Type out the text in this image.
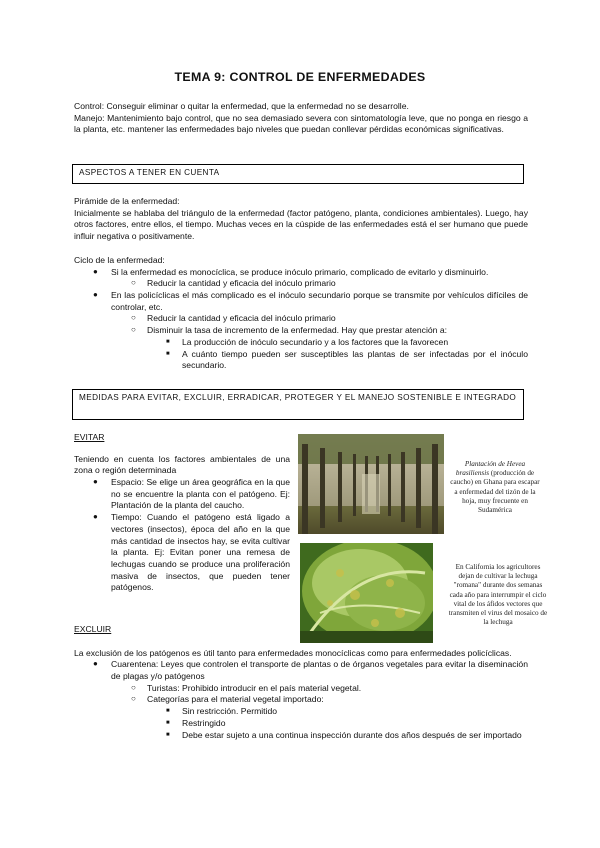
TEMA 9: CONTROL DE ENFERMEDADES

Control: Conseguir eliminar o quitar la enfermedad, que la enfermedad no se desarrolle.

Manejo: Mantenimiento bajo control, que no sea demasiado severa con sintomatología leve, que no ponga en riesgo a la planta, etc. mantener las enfermedades bajo niveles que puedan conllevar pérdidas económicas significativas.

ASPECTOS A TENER EN CUENTA

Pirámide de la enfermedad:

Inicialmente se hablaba del triángulo de la enfermedad (factor patógeno, planta, condiciones ambientales). Luego, hay otros factores, entre ellos, el tiempo. Muchas veces en la cúspide de las enfermedades está el ser humano que puede influir negativa o positivamente.

Ciclo de la enfermedad:

● Si la enfermedad es monocíclica, se produce inóculo primario, complicado de evitarlo y disminuirlo.
○ Reducir la cantidad y eficacia del inóculo primario
● En las policíclicas el más complicado es el inóculo secundario porque se transmite por vehículos difíciles de controlar, etc.
○ Reducir la cantidad y eficacia del inóculo primario
○ Disminuir la tasa de incremento de la enfermedad. Hay que prestar atención a:
■ La producción de inóculo secundario y a los factores que la favorecen
■ A cuánto tiempo pueden ser susceptibles las plantas de ser infectadas por el inóculo secundario.
MEDIDAS PARA EVITAR, EXCLUIR, ERRADICAR, PROTEGER Y EL MANEJO SOSTENIBLE E INTEGRADO

EVITAR

Teniendo en cuenta los factores ambientales de una zona o región determinada

● Espacio: Se elige un área geográfica en la que no se encuentre la planta con el patógeno. Ej: Plantación de la planta del caucho.
● Tiempo: Cuando el patógeno está ligado a vectores (insectos), época del año en la que más cantidad de insectos hay, se evita cultivar la planta. Ej: Evitan poner una remesa de lechugas cuando se produce una proliferación masiva de insectos, que pueden tener patógenos.
Plantación de Hevea brasiliensis (producción de caucho) en Ghana para escapar a enfermedad del tizón de la hoja, muy frecuente en Sudamérica
En California los agricultores dejan de cultivar la lechuga "romana" durante dos semanas cada año para interrumpir el ciclo vital de los áfidos vectores que transmiten el virus del mosaico de la lechuga

EXCLUIR

La exclusión de los patógenos es útil tanto para enfermedades monocíclicas como para enfermedades policíclicas.

● Cuarentena: Leyes que controlen el transporte de plantas o de órganos vegetales para evitar la diseminación de plagas y/o patógenos
○ Turistas: Prohibido introducir en el país material vegetal.
○ Categorías para el material vegetal importado:
■ Sin restricción. Permitido
■ Restringido
■ Debe estar sujeto a una continua inspección durante dos años después de ser importado
